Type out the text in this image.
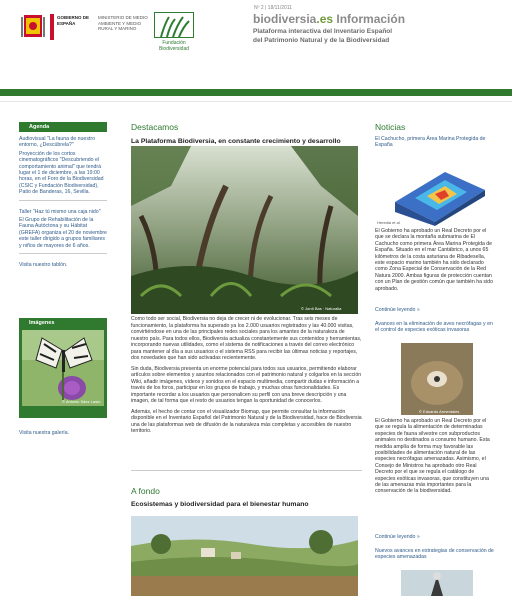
GOBIERNO DE ESPAÑA
MINISTERIO DE MEDIO AMBIENTE Y MEDIO RURAL Y MARINO
Fundación Biodiversidad
Nº 2 | 18/11/2011
biodiversia.es Información
Plataforma interactiva del Inventario Español
del Patrimonio Natural y de la Biodiversidad
Agenda

Audiovisual "La fauna de nuestro entorno, ¿Descúbrela?"

Proyección de los cortos cinematográficos "Descubriendo el comportamiento animal" que tendrá lugar el 1 de diciembre, a las 19:00 horas, en el Foro de la Biodiversidad (CSIC y Fundación Biodiversidad), Patio de Banderas, 16, Sevilla.

Taller "Haz tú mismo una caja nido"

El Grupo de Rehabilitación de la Fauna Autóctona y su Hábitat (GREFA) organiza el 20 de noviembre este taller dirigido a grupos familiares y niños de mayores de 6 años.

Visita nuestro tablón.
Imágenes
© Antonio Sáez Lasio
Visita nuestra galería.
Destacamos
La Plataforma Biodiversia, en constante crecimiento y desarrollo
© Jordi Bas · Naturalia

Como todo ser social, Biodiversia no deja de crecer ni de evolucionar. Tras seis meses de funcionamiento, la plataforma ha superado ya los 2.000 usuarios registrados y las 40.000 visitas, convirtiéndose en una de las principales redes sociales para los amantes de la naturaleza de nuestro país. Para todos ellos, Biodiversia actualiza constantemente sus contenidos y herramientas, incorporando nuevas utilidades, como el sistema de notificaciones a través del correo electrónico para mantener al día a sus usuarios o el sistema RSS para recibir las últimas noticias y reportajes, dos novedades que han sido activadas recientemente.

Sin duda, Biodiversia presenta un enorme potencial para todos sus usuarios, permitiendo elaborar artículos sobre elementos y asuntos relacionados con el patrimonio natural y colgarlos en la sección Wiki, añadir imágenes, vídeos y sonidos en el espacio multimedia, compartir dudas e información a través de los foros, participar en los grupos de trabajo, y muchas otras funcionalidades. Es importante recordar a los usuarios que personalicen su perfil con una breve descripción y una imagen, de tal forma que el resto de usuarios tengan la oportunidad de conocerlos.

Además, el hecho de contar con el visualizador Biomap, que permite consultar la información disponible en el Inventario Español del Patrimonio Natural y de la Biodiversidad, hace de Biodiversia una de las plataformas web de difusión de la naturaleza más completas y accesibles de nuestro territorio.

A fondo
Ecosistemas y biodiversidad para el bienestar humano
Noticias
El Cachucho, primera Área Marina Protegida de España
Heredia et al
El Gobierno ha aprobado un Real Decreto por el que se declara la montaña submarina de El Cachucho como primera Área Marina Protegida de España. Situado en el mar Cantábrico, a unos 65 kilómetros de la costa asturiana de Ribadesella, este espacio marino también ha sido declarado como Zona Especial de Conservación de la Red Natura 2000. Ambas figuras de protección cuentan con un Plan de gestión común que también ha sido aprobado.
Continúe leyendo »
Avances en la eliminación de aves necrófagas y en el control de especies exóticas invasoras
© Eduardo Armentales
El Gobierno ha aprobado un Real Decreto por el que se regula la alimentación de determinadas especies de fauna silvestre con subproductos animales no destinados a consumo humano. Esta medida amplía de forma muy favorable las posibilidades de alimentación natural de las especies necrófagas amenazadas. Asimismo, el Consejo de Ministros ha aprobado otro Real Decreto por el que se regula el catálogo de especies exóticas invasoras, que constituyen una de las amenazas más importantes para la conservación de la biodiversidad.
Continúe leyendo »
Nuevos avances en estrategias de conservación de especies amenazadas
